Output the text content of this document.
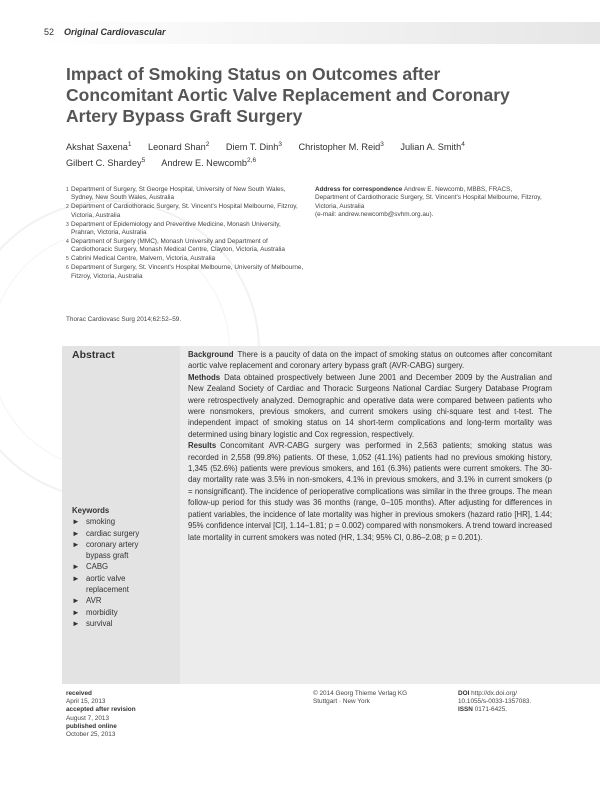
52 Original Cardiovascular
Impact of Smoking Status on Outcomes after Concomitant Aortic Valve Replacement and Coronary Artery Bypass Graft Surgery
Akshat Saxena$^1$ Leonard Shan$^2$ Diem T. Dinh$^3$ Christopher M. Reid$^3$ Julian A. Smith$^4$
Gilbert C. Shardey$^5$ Andrew E. Newcomb$^{2,6}$
1 Department of Surgery, St George Hospital, University of New South Wales, Sydney, New South Wales, Australia
2 Department of Cardiothoracic Surgery, St. Vincent's Hospital Melbourne, Fitzroy, Victoria, Australia
3 Department of Epidemiology and Preventive Medicine, Monash University, Prahran, Victoria, Australia
4 Department of Surgery (MMC), Monash University and Department of Cardiothoracic Surgery, Monash Medical Centre, Clayton, Victoria, Australia
5 Cabrini Medical Centre, Malvern, Victoria, Australia
6 Department of Surgery, St. Vincent's Hospital Melbourne, University of Melbourne, Fitzroy, Victoria, Australia
Address for correspondence Andrew E. Newcomb, MBBS, FRACS, Department of Cardiothoracic Surgery, St. Vincent's Hospital Melbourne, Fitzroy, Victoria, Australia
(e-mail: andrew.newcomb@svhm.org.au).
Thorac Cardiovasc Surg 2014;62:52–59.
Abstract
Keywords
► smoking
► cardiac surgery
► coronary artery
bypass graft
► CABG
► aortic valve
replacement
► AVR
► morbidity
► survival

Background There is a paucity of data on the impact of smoking status on outcomes after concomitant aortic valve replacement and coronary artery bypass graft (AVR-CABG) surgery.

Methods Data obtained prospectively between June 2001 and December 2009 by the Australian and New Zealand Society of Cardiac and Thoracic Surgeons National Cardiac Surgery Database Program were retrospectively analyzed. Demographic and operative data were compared between patients who were nonsmokers, previous smokers, and current smokers using chi-square test and t-test. The independent impact of smoking status on 14 short-term complications and long-term mortality was determined using binary logistic and Cox regression, respectively.

Results Concomitant AVR-CABG surgery was performed in 2,563 patients; smoking status was recorded in 2,558 (99.8%) patients. Of these, 1,052 (41.1%) patients had no previous smoking history, 1,345 (52.6%) patients were previous smokers, and 161 (6.3%) patients were current smokers. The 30-day mortality rate was 3.5% in non-smokers, 4.1% in previous smokers, and 3.1% in current smokers (p = nonsignificant). The incidence of perioperative complications was similar in the three groups. The mean follow-up period for this study was 36 months (range, 0–105 months). After adjusting for differences in patient variables, the incidence of late mortality was higher in previous smokers (hazard ratio [HR], 1.44; 95% confidence interval [CI], 1.14–1.81; p = 0.002) compared with nonsmokers. A trend toward increased late mortality in current smokers was noted (HR, 1.34; 95% CI, 0.86–2.08; p = 0.201).

received
April 15, 2013
accepted after revision
August 7, 2013
published online
October 25, 2013
© 2014 Georg Thieme Verlag KG
Stuttgart · New York
DOI http://dx.doi.org/
10.1055/s-0033-1357083.
ISSN 0171-6425.
